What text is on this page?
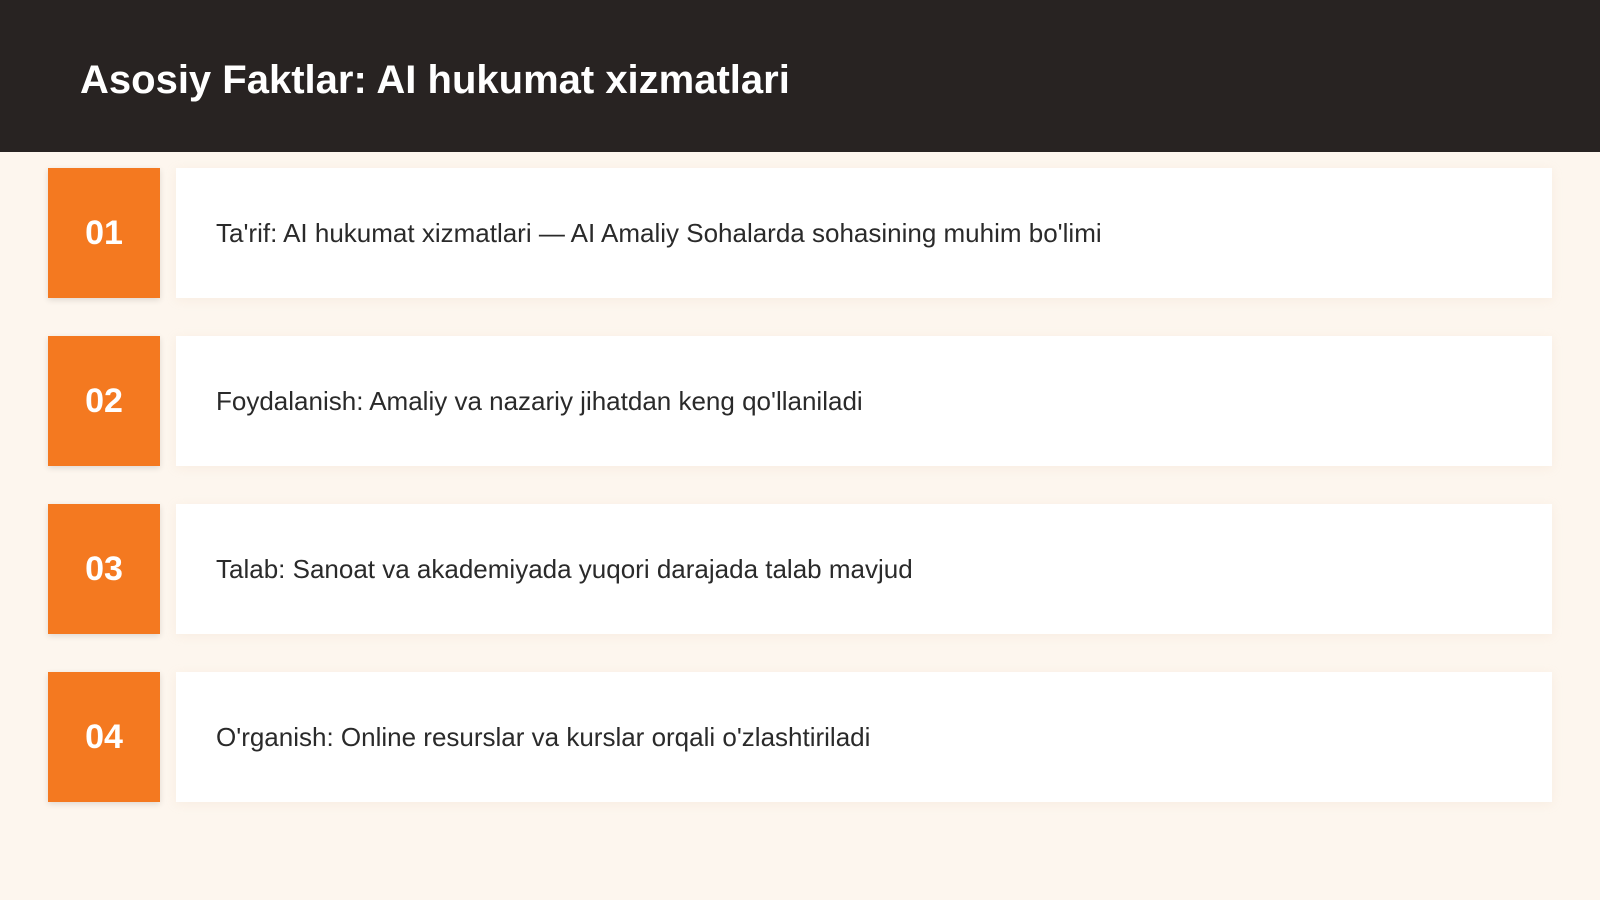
Asosiy Faktlar: AI hukumat xizmatlari
01	Ta'rif: AI hukumat xizmatlari — AI Amaliy Sohalarda sohasining muhim bo'limi
02	Foydalanish: Amaliy va nazariy jihatdan keng qo'llaniladi
03	Talab: Sanoat va akademiyada yuqori darajada talab mavjud
04	O'rganish: Online resurslar va kurslar orqali o'zlashtiriladi
